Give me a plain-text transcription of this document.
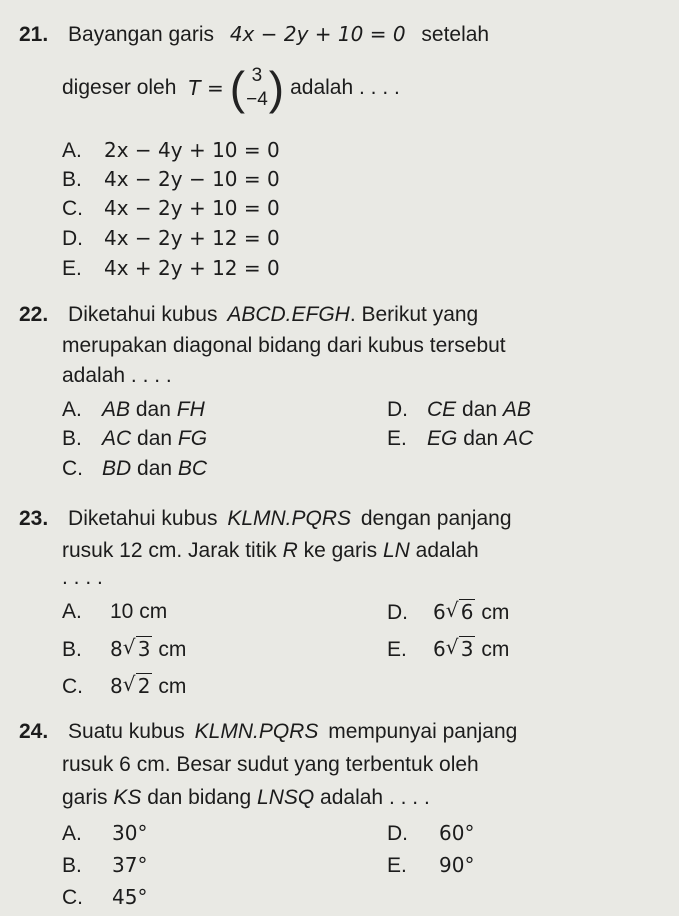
21. Bayangan garis 4x − 2y + 10 = 0 setelah
digeser oleh T = ( 3
−4) adalah . . . .
A. 2x − 4y + 10 = 0
B. 4x − 2y − 10 = 0
C. 4x − 2y + 10 = 0
D. 4x − 2y + 12 = 0
E. 4x + 2y + 12 = 0
22. Diketahui kubus ABCD.EFGH. Berikut yang
merupakan diagonal bidang dari kubus tersebut
adalah . . . .
A. AB dan FH
B. AC dan FG
C. BD dan BC
D. CE dan AB
E. EG dan AC
23. Diketahui kubus KLMN.PQRS dengan panjang
rusuk 12 cm. Jarak titik R ke garis LN adalah
. . . .
A. 10 cm
B. 8 √ 3 cm
C. 8 √ 2 cm
D. 6 √ 6 cm
E. 6 √ 3 cm
24. Suatu kubus KLMN.PQRS mempunyai panjang
rusuk 6 cm. Besar sudut yang terbentuk oleh
garis KS dan bidang LNSQ adalah . . . .
A. 30°
B. 37°
C. 45°
D. 60°
E. 90°
